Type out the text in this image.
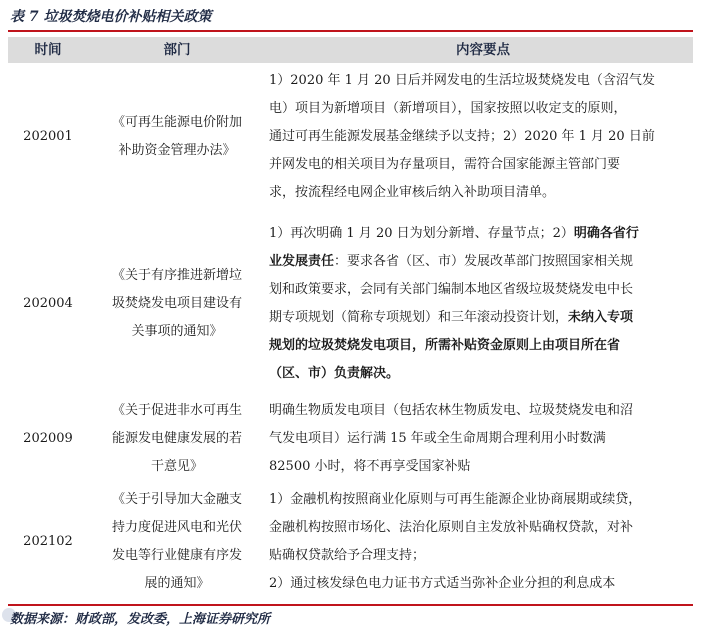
表 7 垃圾焚烧电价补贴相关政策
时间	部门	内容要点
202001
《可再生能源电价附加
补助资金管理办法》
1）2020 年 1 月 20 日后并网发电的生活垃圾焚烧发电（含沼气发
电）项目为新增项目（新增项目），国家按照以收定支的原则，
通过可再生能源发展基金继续予以支持；2）2020 年 1 月 20 日前
并网发电的相关项目为存量项目，需符合国家能源主管部门要
求，按流程经电网企业审核后纳入补助项目清单。
202004
《关于有序推进新增垃
圾焚烧发电项目建设有
关事项的通知》
1）再次明确 1 月 20 日为划分新增、存量节点；2）明确各省行
业发展责任：要求各省（区、市）发展改革部门按照国家相关规
划和政策要求，会同有关部门编制本地区省级垃圾焚烧发电中长
期专项规划（简称专项规划）和三年滚动投资计划，未纳入专项
规划的垃圾焚烧发电项目，所需补贴资金原则上由项目所在省
（区、市）负责解决。
202009
《关于促进非水可再生
能源发电健康发展的若
干意见》
明确生物质发电项目（包括农林生物质发电、垃圾焚烧发电和沼
气发电项目）运行满 15 年或全生命周期合理利用小时数满
82500 小时，将不再享受国家补贴
202102
《关于引导加大金融支
持力度促进风电和光伏
发电等行业健康有序发
展的通知》
1）金融机构按照商业化原则与可再生能源企业协商展期或续贷，
金融机构按照市场化、法治化原则自主发放补贴确权贷款，对补
贴确权贷款给予合理支持；
2）通过核发绿色电力证书方式适当弥补企业分担的利息成本
数据来源：财政部，发改委，上海证券研究所
